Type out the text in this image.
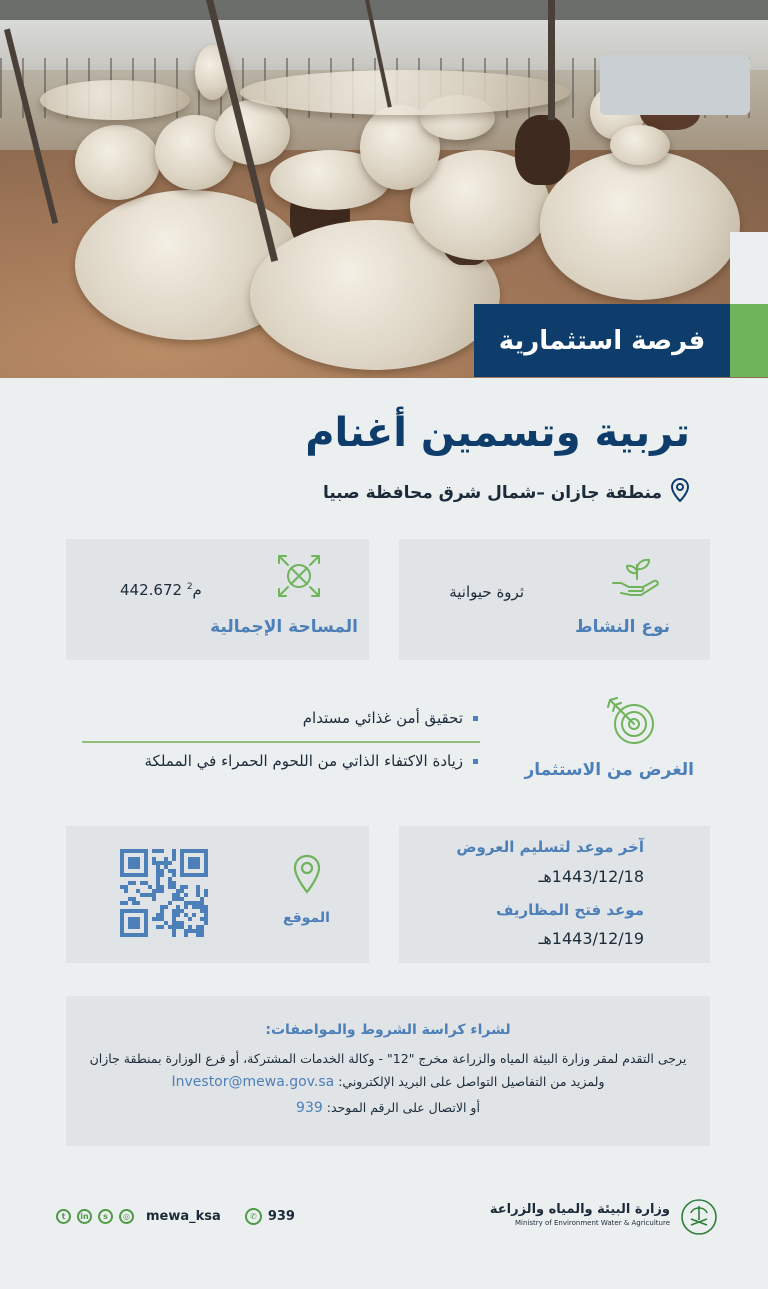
فرصة استثمارية
تربية وتسمين أغنام
منطقة جازان –شمال شرق محافظة صبيا
نوع النشاط
ثروة حيوانية
المساحة الإجمالية
442.672 م$^2$
الغرض من الاستثمار
تحقيق أمن غذائي مستدام
زيادة الاكتفاء الذاتي من اللحوم الحمراء في المملكة
آخر موعد لتسليم العروض
1443/12/18هـ
موعد فتح المظاريف
1443/12/19هـ
الموقع
لشراء كراسة الشروط والمواصفات:
يرجى التقدم لمقر وزارة البيئة المياه والزراعة مخرج "12" - وكالة الخدمات المشتركة، أو فرع الوزارة بمنطقة جازان
ولمزيد من التفاصيل التواصل على البريد الإلكتروني: Investor@mewa.gov.sa
أو الاتصال على الرقم الموحد: 939
t	in	s	◎	mewa_ksa	✆ 939	وزارة البيئة والمياه والزراعة
Ministry of Environment Water & Agriculture
